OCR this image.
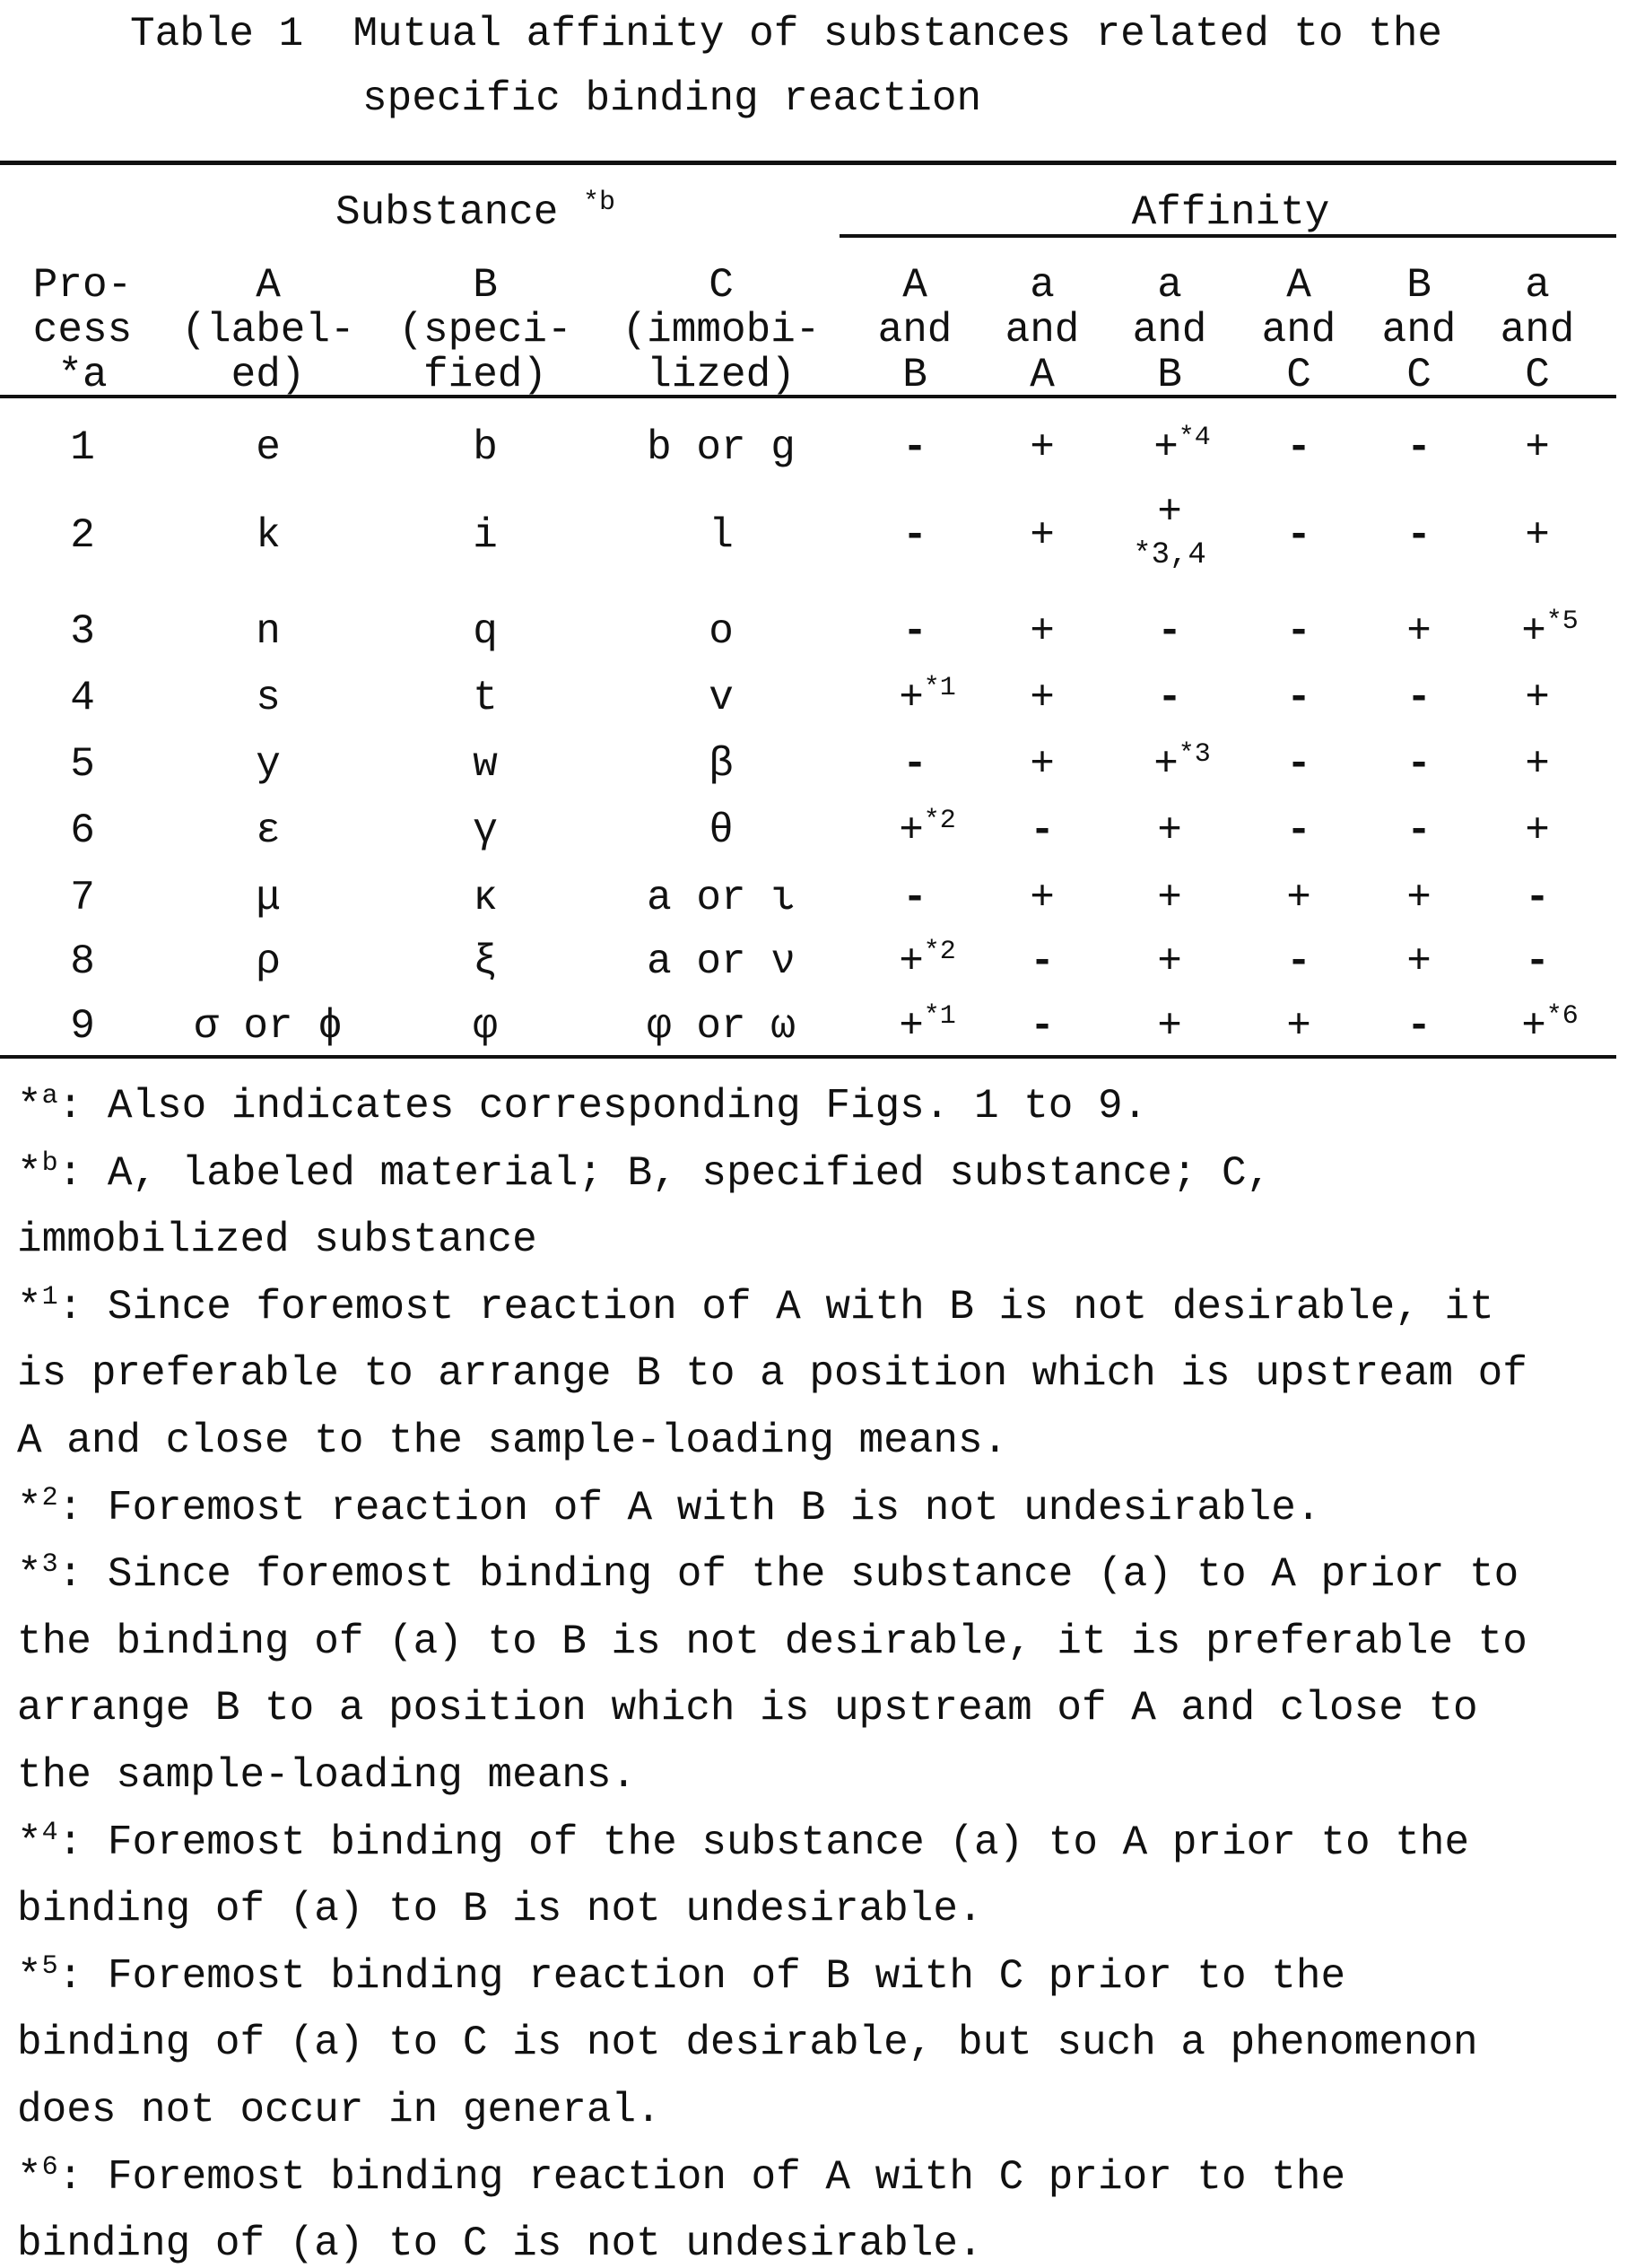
Table 1  Mutual affinity of substances related to the
specific binding reaction
Substance *b	Affinity
Pro-
cess
*a
A
(label-
ed)
B
(speci-
fied)
C
(immobi-
lized)
A
and
B
a
and
A
a
and
B
A
and
C
B
and
C
a
and
C
1	e	b	b or g	- + +*4 - - +
2	k	i	l	- + +
*3,4 - - +
3	n	q	o	- + -	- + +*5
4	s	t	v	+*1 + -	- - +
5	y	w	β	- + +*3 - - +
6	ε	γ	θ	+*2 - +	- - +
7	μ	κ	a or ι	- + +	+ + -
8	ρ	ξ	a or ν	+*2 - +	- + -
9 σ or ϕ	φ	φ or ω	+*1 - +	+ - +*6
*a: Also indicates corresponding Figs. 1 to 9.
*b: A, labeled material; B, specified substance; C,
immobilized substance
*1: Since foremost reaction of A with B is not desirable, it
is preferable to arrange B to a position which is upstream of
A and close to the sample-loading means.
*2: Foremost reaction of A with B is not undesirable.
*3: Since foremost binding of the substance (a) to A prior to
the binding of (a) to B is not desirable, it is preferable to
arrange B to a position which is upstream of A and close to
the sample-loading means.
*4: Foremost binding of the substance (a) to A prior to the
binding of (a) to B is not undesirable.
*5: Foremost binding reaction of B with C prior to the
binding of (a) to C is not desirable, but such a phenomenon
does not occur in general.
*6: Foremost binding reaction of A with C prior to the
binding of (a) to C is not undesirable.
